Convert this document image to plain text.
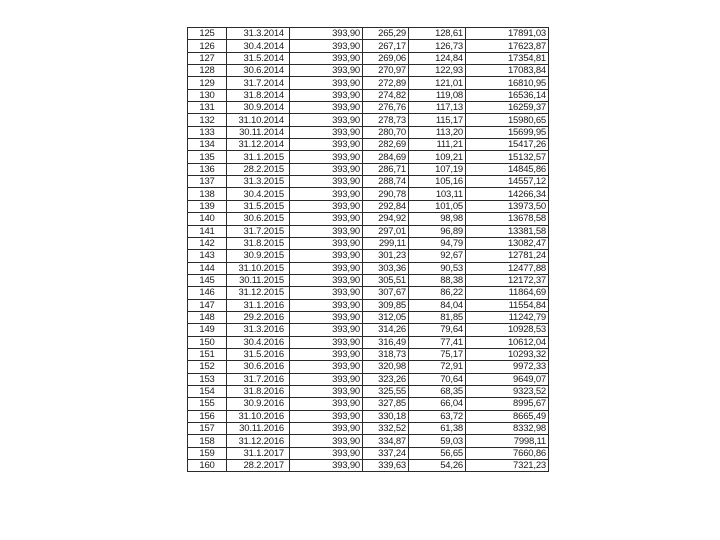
125	31.3.2014	393,90	265,29	128,61	17891,03
126	30.4.2014	393,90	267,17	126,73	17623,87
127	31.5.2014	393,90	269,06	124,84	17354,81
128	30.6.2014	393,90	270,97	122,93	17083,84
129	31.7.2014	393,90	272,89	121,01	16810,95
130	31.8.2014	393,90	274,82	119,08	16536,14
131	30.9.2014	393,90	276,76	117,13	16259,37
132	31.10.2014	393,90	278,73	115,17	15980,65
133	30.11.2014	393,90	280,70	113,20	15699,95
134	31.12.2014	393,90	282,69	111,21	15417,26
135	31.1.2015	393,90	284,69	109,21	15132,57
136	28.2.2015	393,90	286,71	107,19	14845,86
137	31.3.2015	393,90	288,74	105,16	14557,12
138	30.4.2015	393,90	290,78	103,11	14266,34
139	31.5.2015	393,90	292,84	101,05	13973,50
140	30.6.2015	393,90	294,92	98,98	13678,58
141	31.7.2015	393,90	297,01	96,89	13381,58
142	31.8.2015	393,90	299,11	94,79	13082,47
143	30.9.2015	393,90	301,23	92,67	12781,24
144	31.10.2015	393,90	303,36	90,53	12477,88
145	30.11.2015	393,90	305,51	88,38	12172,37
146	31.12.2015	393,90	307,67	86,22	11864,69
147	31.1.2016	393,90	309,85	84,04	11554,84
148	29.2.2016	393,90	312,05	81,85	11242,79
149	31.3.2016	393,90	314,26	79,64	10928,53
150	30.4.2016	393,90	316,49	77,41	10612,04
151	31.5.2016	393,90	318,73	75,17	10293,32
152	30.6.2016	393,90	320,98	72,91	9972,33
153	31.7.2016	393,90	323,26	70,64	9649,07
154	31.8.2016	393,90	325,55	68,35	9323,52
155	30.9.2016	393,90	327,85	66,04	8995,67
156	31.10.2016	393,90	330,18	63,72	8665,49
157	30.11.2016	393,90	332,52	61,38	8332,98
158	31.12.2016	393,90	334,87	59,03	7998,11
159	31.1.2017	393,90	337,24	56,65	7660,86
160	28.2.2017	393,90	339,63	54,26	7321,23
